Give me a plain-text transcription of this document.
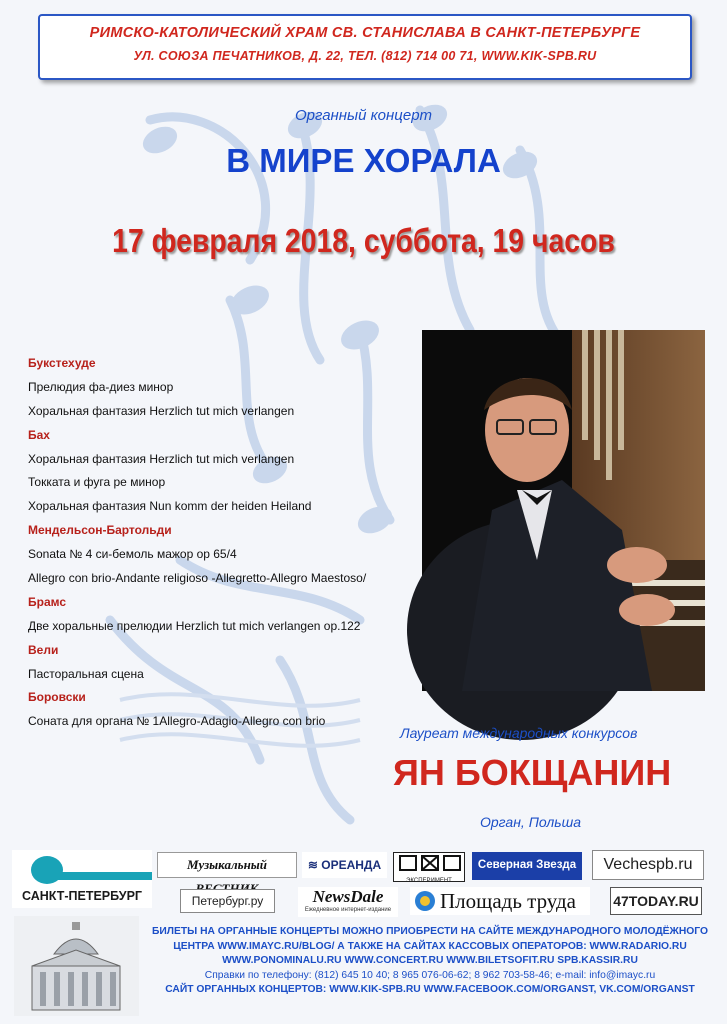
РИМСКО-КАТОЛИЧЕСКИЙ ХРАМ СВ. СТАНИСЛАВА В САНКТ-ПЕТЕРБУРГЕ
УЛ. СОЮЗА ПЕЧАТНИКОВ, Д. 22, ТЕЛ. (812) 714 00 71, WWW.KIK-SPB.RU
Органный концерт
В МИРЕ ХОРАЛА
17 февраля 2018, суббота, 19 часов
Букстехуде
Прелюдия фа-диез минор
Хоральная фантазия Herzlich tut mich verlangen
Бах
Хоральная фантазия Herzlich tut mich verlangen
Токката и фуга ре минор
Хоральная фантазия Nun komm der heiden Heiland
Мендельсон-Бартольди
Sonata № 4 си-бемоль мажор op 65/4
Allegro con brio-Andante religioso -Allegretto-Allegro Maestoso/
Брамс
Две хоральные прелюдии Herzlich tut mich verlangen op.122
Вели
Пасторальная сцена
Боровски
Соната для органа № 1Allegro-Adagio-Allegro con brio
Лауреат международных конкурсов
ЯН БОКЩАНИН
Орган, Польша
САНКТ-ПЕТЕРБУРГ
Музыкальный	≋ ОРЕАНДА
ЭКСПЕРИМЕНТ
Северная Звезда	Vechespb.ru
Петербург.ру	NewsDale
Ежедневное интернет-издание	Площадь труда	47TODAY.RU
БИЛЕТЫ НА ОРГАННЫЕ КОНЦЕРТЫ МОЖНО ПРИОБРЕСТИ НА САЙТЕ МЕЖДУНАРОДНОГО МОЛОДЁЖНОГО
ЦЕНТРА WWW.IMAYC.RU/BLOG/ А ТАКЖЕ НА САЙТАХ КАССОВЫХ ОПЕРАТОРОВ: WWW.RADARIO.RU
WWW.PONOMINALU.RU WWW.CONCERT.RU WWW.BILETSOFIT.RU SPB.KASSIR.RU
Справки по телефону: (812) 645 10 40; 8 965 076-06-62; 8 962 703-58-46; e-mail: info@imayc.ru
САЙТ ОРГАННЫХ КОНЦЕРТОВ: WWW.KIK-SPB.RU WWW.FACEBOOK.COM/ORGANST, VK.COM/ORGANST
